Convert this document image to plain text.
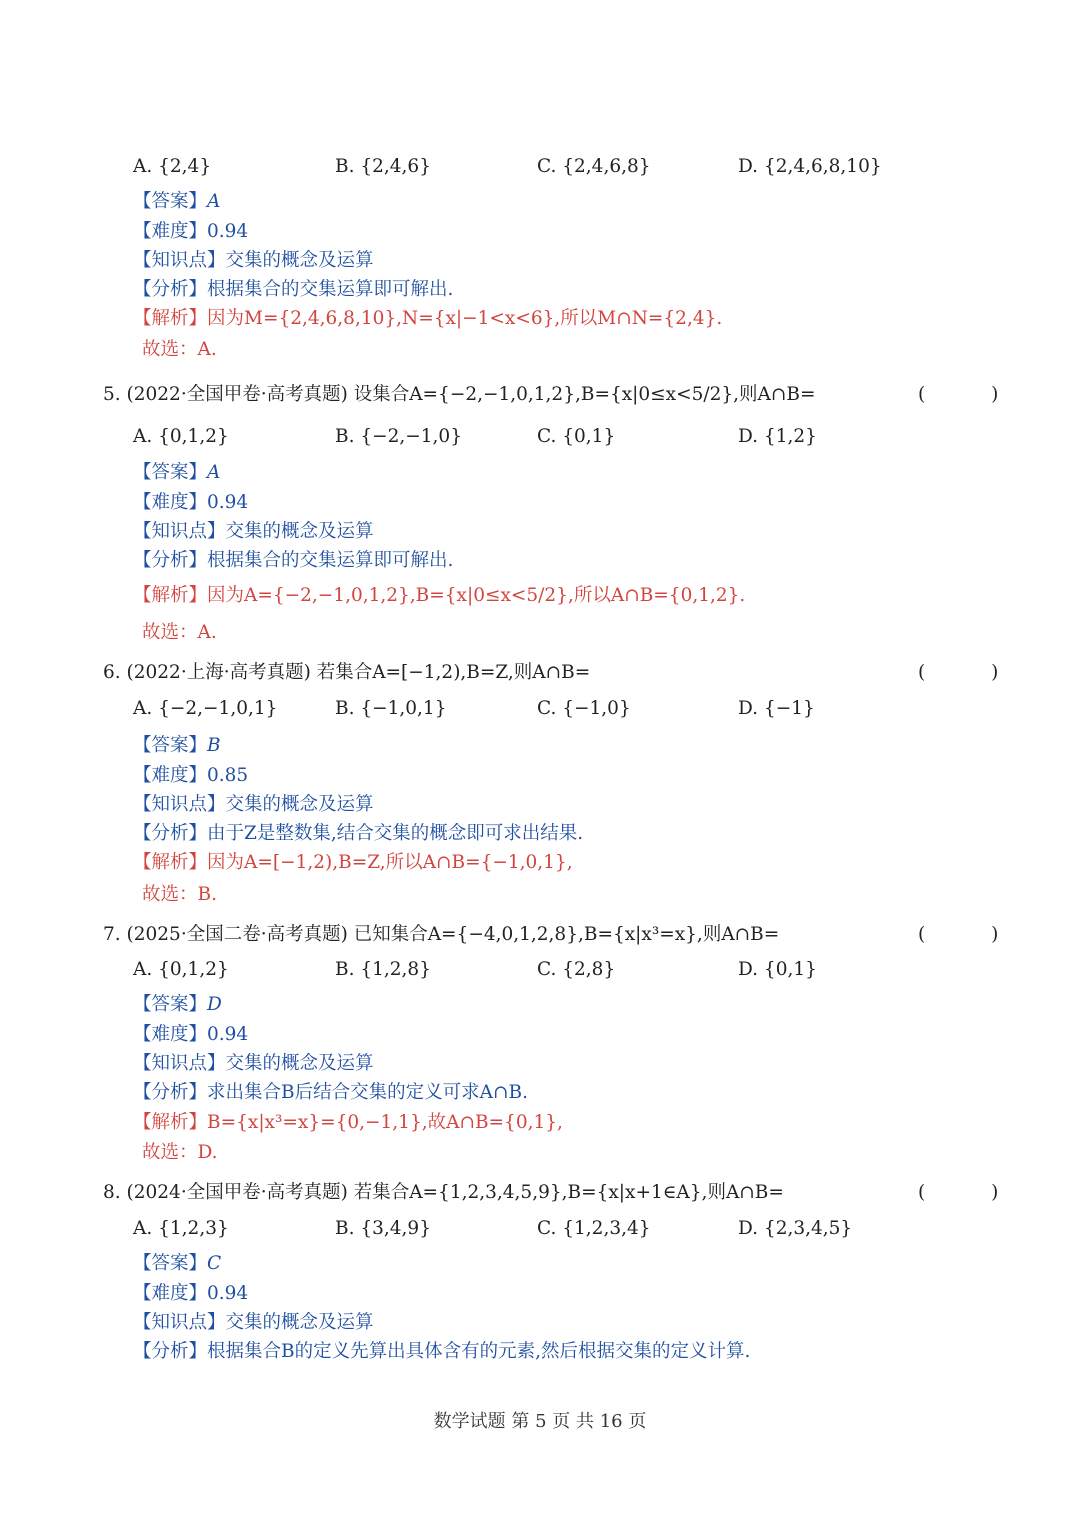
A. {2,4}	B. {2,4,6}	C. {2,4,6,8}	D. {2,4,6,8,10}
【答案】A
【难度】0.94
【知识点】交集的概念及运算
【分析】根据集合的交集运算即可解出.
【解析】因为M={2,4,6,8,10},N={x|−1<x<6},所以M∩N={2,4}.
故选：A.
5. (2022·全国甲卷·高考真题) 设集合A={−2,−1,0,1,2},B={x|0≤x<5/2},则A∩B=	( )
A. {0,1,2}	B. {−2,−1,0}	C. {0,1}	D. {1,2}
【答案】A
【难度】0.94
【知识点】交集的概念及运算
【分析】根据集合的交集运算即可解出.
【解析】因为A={−2,−1,0,1,2},B={x|0≤x<5/2},所以A∩B={0,1,2}.
故选：A.
6. (2022·上海·高考真题) 若集合A=[−1,2),B=Z,则A∩B=	( )
A. {−2,−1,0,1}	B. {−1,0,1}	C. {−1,0}	D. {−1}
【答案】B
【难度】0.85
【知识点】交集的概念及运算
【分析】由于Z是整数集,结合交集的概念即可求出结果.
【解析】因为A=[−1,2),B=Z,所以A∩B={−1,0,1},
故选：B.
7. (2025·全国二卷·高考真题) 已知集合A={−4,0,1,2,8},B={x|x³=x},则A∩B=	( )
A. {0,1,2}	B. {1,2,8}	C. {2,8}	D. {0,1}
【答案】D
【难度】0.94
【知识点】交集的概念及运算
【分析】求出集合B后结合交集的定义可求A∩B.
【解析】B={x|x³=x}={0,−1,1},故A∩B={0,1},
故选：D.
8. (2024·全国甲卷·高考真题) 若集合A={1,2,3,4,5,9},B={x|x+1∈A},则A∩B=	( )
A. {1,2,3}	B. {3,4,9}	C. {1,2,3,4}	D. {2,3,4,5}
【答案】C
【难度】0.94
【知识点】交集的概念及运算
【分析】根据集合B的定义先算出具体含有的元素,然后根据交集的定义计算.
数学试题 第 5 页 共 16 页
